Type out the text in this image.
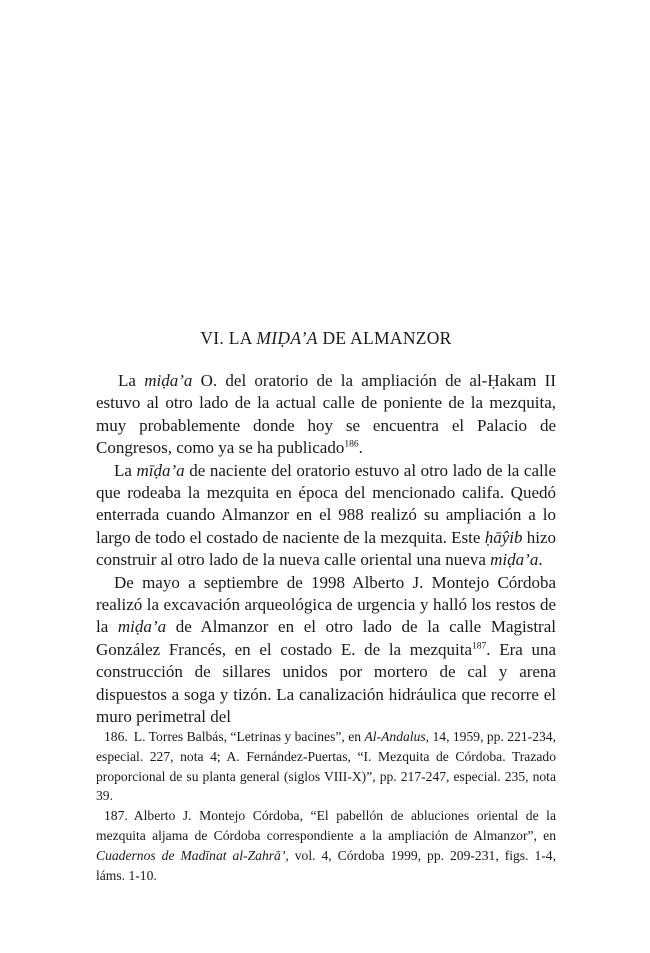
VI. LA MIḌA’A DE ALMANZOR

La miḍa’a O. del oratorio de la ampliación de al-Ḥakam II estuvo al otro lado de la actual calle de poniente de la mezquita, muy probablemente donde hoy se encuentra el Palacio de Congresos, como ya se ha publicado$^{186}$.

La mīḍa’a de naciente del oratorio estuvo al otro lado de la calle que rodeaba la mezquita en época del mencionado califa. Quedó enterrada cuando Almanzor en el 988 realizó su ampliación a lo largo de todo el costado de naciente de la mezquita. Este ḥāŷib hizo construir al otro lado de la nueva calle oriental una nueva miḍa’a.

De mayo a septiembre de 1998 Alberto J. Montejo Córdoba realizó la excavación arqueológica de urgencia y halló los restos de la miḍa’a de Almanzor en el otro lado de la calle Magistral González Francés, en el costado E. de la mezquita$^{187}$. Era una construcción de sillares unidos por mortero de cal y arena dispuestos a soga y tizón. La canalización hidráulica que recorre el muro perimetral del

186. L. Torres Balbás, “Letrinas y bacines”, en Al-Andalus, 14, 1959, pp. 221-234, especial. 227, nota 4; A. Fernández-Puertas, “I. Mezquita de Córdoba. Trazado proporcional de su planta general (siglos VIII-X)”, pp. 217-247, especial. 235, nota 39.

187. Alberto J. Montejo Córdoba, “El pabellón de abluciones oriental de la mezquita aljama de Córdoba correspondiente a la ampliación de Almanzor”, en Cuadernos de Madīnat al-Zahrā’, vol. 4, Córdoba 1999, pp. 209-231, figs. 1-4, láms. 1-10.
